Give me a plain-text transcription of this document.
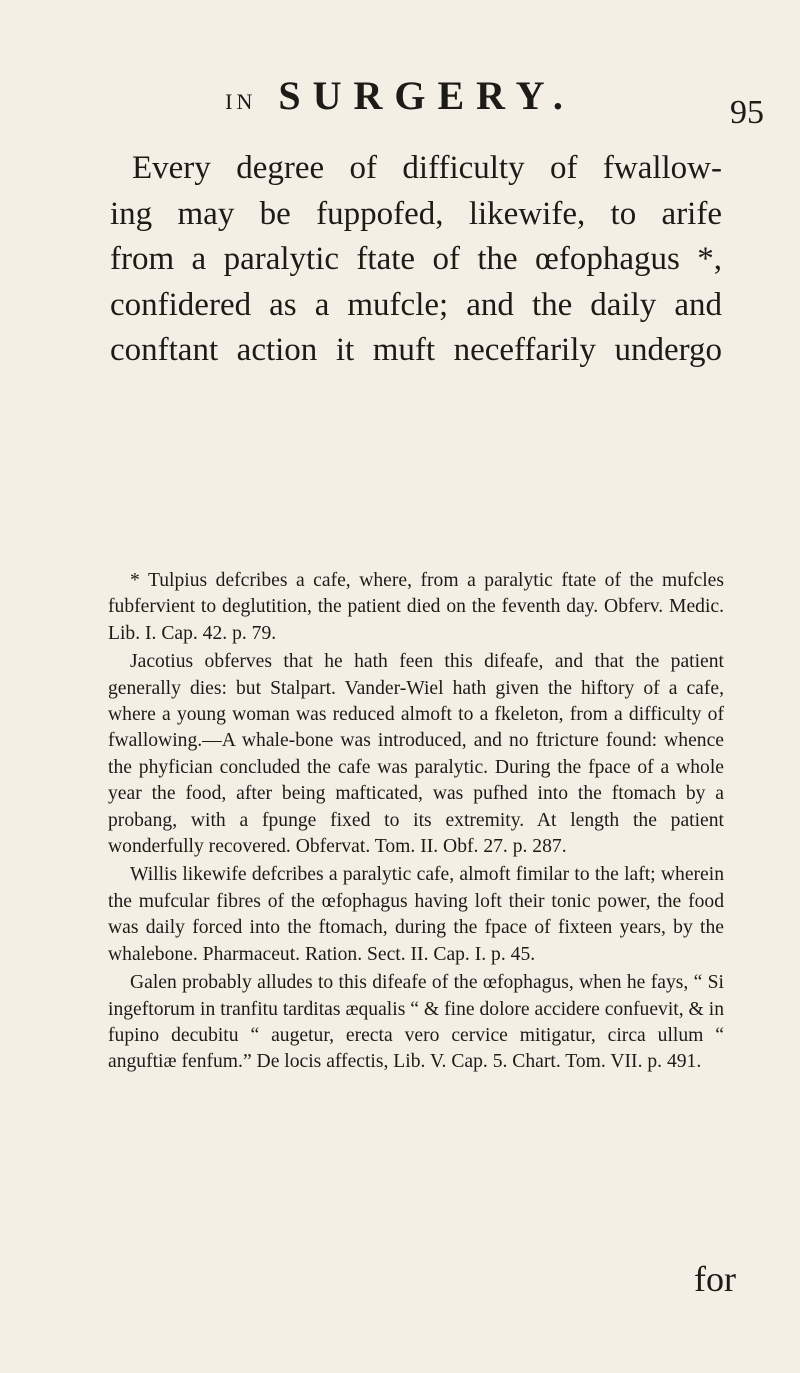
IN SURGERY.	95
Every degree of difficulty of fwallow-
ing may be fuppofed, likewife, to arife
from a paralytic ftate of the œfophagus *,
confidered as a mufcle; and the daily and
conftant action it muft neceffarily undergo

* Tulpius defcribes a cafe, where, from a paralytic ftate of the mufcles fubfervient to deglutition, the patient died on the feventh day. Obferv. Medic. Lib. I. Cap. 42. p. 79.

Jacotius obferves that he hath feen this difeafe, and that the patient generally dies: but Stalpart. Vander-Wiel hath given the hiftory of a cafe, where a young woman was reduced almoft to a fkeleton, from a difficulty of fwallowing.—A whale-bone was introduced, and no ftricture found: whence the phyfician concluded the cafe was paralytic. During the fpace of a whole year the food, after being mafticated, was pufhed into the ftomach by a probang, with a fpunge fixed to its extremity. At length the patient wonderfully recovered. Obfervat. Tom. II. Obf. 27. p. 287.

Willis likewife defcribes a paralytic cafe, almoft fimilar to the laft; wherein the mufcular fibres of the œfophagus having loft their tonic power, the food was daily forced into the ftomach, during the fpace of fixteen years, by the whalebone. Pharmaceut. Ration. Sect. II. Cap. I. p. 45.

Galen probably alludes to this difeafe of the œfophagus, when he fays, “ Si ingeftorum in tranfitu tarditas æqualis “ & fine dolore accidere confuevit, & in fupino decubitu “ augetur, erecta vero cervice mitigatur, circa ullum “ anguftiæ fenfum.” De locis affectis, Lib. V. Cap. 5. Chart. Tom. VII. p. 491.

for
